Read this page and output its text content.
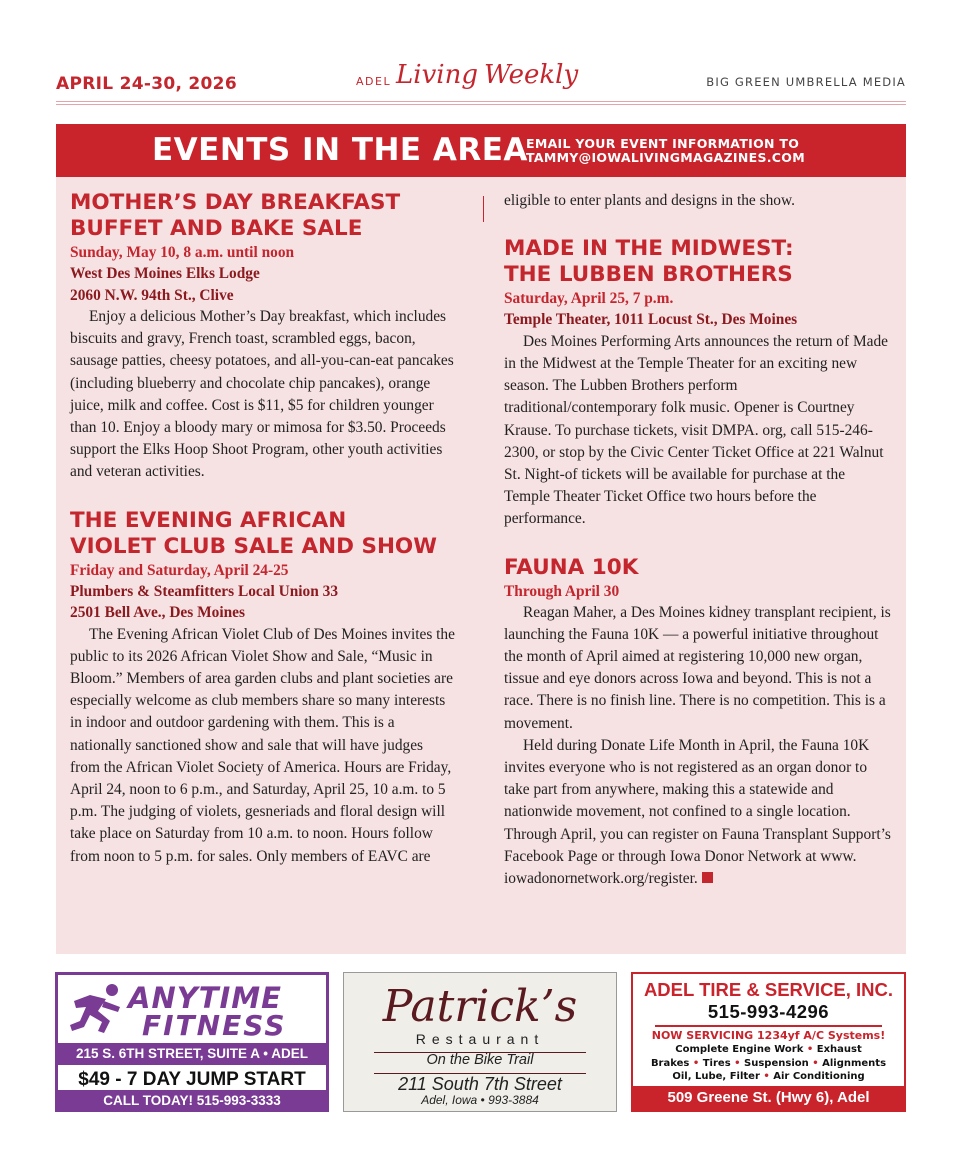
APRIL 24-30, 2026	ADEL Living Weekly	BIG GREEN UMBRELLA MEDIA
EVENTS IN THE AREA
EMAIL YOUR EVENT INFORMATION TO
TAMMY@IOWALIVINGMAGAZINES.COM
MOTHER’S DAY BREAKFAST
BUFFET AND BAKE SALE
Sunday, May 10, 8 a.m. until noon
West Des Moines Elks Lodge
2060 N.W. 94th St., Clive

Enjoy a delicious Mother’s Day breakfast, which includes biscuits and gravy, French toast, scrambled eggs, bacon, sausage patties, cheesy potatoes, and all-you-can-eat pancakes (including blueberry and chocolate chip pancakes), orange juice, milk and coffee. Cost is $11, $5 for children younger than 10. Enjoy a bloody mary or mimosa for $3.50. Proceeds support the Elks Hoop Shoot Program, other youth activities and veteran activities.

THE EVENING AFRICAN
VIOLET CLUB SALE AND SHOW
Friday and Saturday, April 24-25
Plumbers & Steamfitters Local Union 33
2501 Bell Ave., Des Moines

The Evening African Violet Club of Des Moines invites the public to its 2026 African Violet Show and Sale, “Music in Bloom.” Members of area garden clubs and plant societies are especially welcome as club members share so many interests in indoor and outdoor gardening with them. This is a nationally sanctioned show and sale that will have judges from the African Violet Society of America. Hours are Friday, April 24, noon to 6 p.m., and Saturday, April 25, 10 a.m. to 5 p.m. The judging of violets, gesneriads and floral design will take place on Saturday from 10 a.m. to noon. Hours follow from noon to 5 p.m. for sales. Only members of EAVC are

eligible to enter plants and designs in the show.

MADE IN THE MIDWEST:
THE LUBBEN BROTHERS
Saturday, April 25, 7 p.m.
Temple Theater, 1011 Locust St., Des Moines

Des Moines Performing Arts announces the return of Made in the Midwest at the Temple Theater for an exciting new season. The Lubben Brothers perform traditional/contemporary folk music. Opener is Courtney Krause. To purchase tickets, visit DMPA. org, call 515-246-2300, or stop by the Civic Center Ticket Office at 221 Walnut St. Night-of tickets will be available for purchase at the Temple Theater Ticket Office two hours before the performance.

FAUNA 10K
Through April 30

Reagan Maher, a Des Moines kidney transplant recipient, is launching the Fauna 10K — a powerful initiative throughout the month of April aimed at registering 10,000 new organ, tissue and eye donors across Iowa and beyond. This is not a race. There is no finish line. There is no competition. This is a movement.

Held during Donate Life Month in April, the Fauna 10K invites everyone who is not registered as an organ donor to take part from anywhere, making this a statewide and nationwide movement, not confined to a single location. Through April, you can register on Fauna Transplant Support’s Facebook Page or through Iowa Donor Network at www. iowadonornetwork.org/register.

ANYTIME
FITNESS
215 S. 6TH STREET, SUITE A • ADEL
$49 - 7 DAY JUMP START
CALL TODAY! 515-993-3333
Patrick’s
Restaurant
On the Bike Trail
211 South 7th Street
Adel, Iowa • 993-3884
ADEL TIRE & SERVICE, INC.
515-993-4296
NOW SERVICING 1234yf A/C Systems!
Complete Engine Work • Exhaust
Brakes • Tires • Suspension • Alignments
Oil, Lube, Filter • Air Conditioning
509 Greene St. (Hwy 6), Adel
